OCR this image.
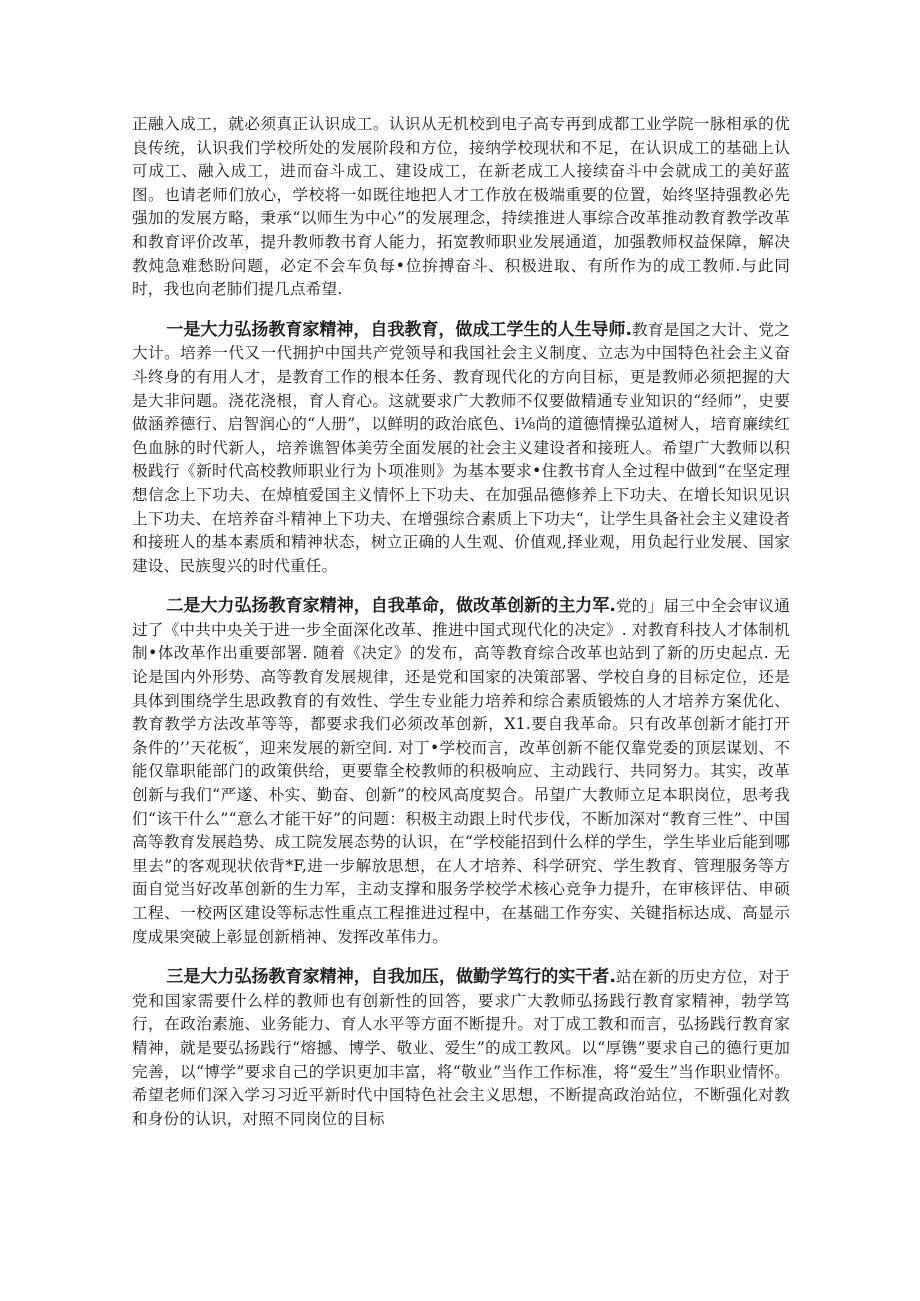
正融入成工，就必须真正认识成工。认识从无机校到电子高专再到成都工业学院一脉相承的优良传统，认识我们学校所处的发展阶段和方位，接纳学校现状和不足，在认识成工的基础上认可成工、融入成工，进而奋斗成工、建设成工，在新老成工人接续奋斗中会就成工的美好蓝图。也请老师们放心，学校将一如既往地把人才工作放在极端重要的位置，始终坚持强教必先强加的发展方略，秉承“以师生为中心”的发展理念，持续推进人事综合改革推动教育教学改革和教育评价改革，提升教师教书育人能力，拓宽教师职业发展通道，加强教师权益保障，解决教炖急难愁盼问题，必定不会车负每•位拚搏奋斗、积极进取、有所作为的成工教师.与此同时，我也向老肺们提几点希望.

一是大力弘扬教育家精神，自我教育，做成工学生的人生导师.教育是国之大计、党之大计。培养一代又一代拥护中国共产党领导和我国社会主义制度、立志为中国特色社会主义奋斗终身的有用人才，是教育工作的根本任务、教育现代化的方向目标，更是教师必须把握的大是大非问题。浇花浇根，育人育心。这就要求广大教师不仅要做精通专业知识的“经师”，史要做涵养德行、启智润心的“人册”，以鲜明的政治底色、i⅛尚的道德情操弘道树人，培育廉续红色血脉的时代新人，培养谯智体美劳全面发展的社会主义建设者和接班人。希望广大教师以积极践行《新时代高校教师职业行为卜项准则》为基本要求•住教书育人全过程中做到“在坚定理想信念上下功夫、在焯植爱国主义情怀上下功夫、在加强品德修养上下功夫、在增长知识见识上下功夫、在培养奋斗精神上下功夫、在增强综合素质上下功夫“，让学生具备社会主义建设者和接班人的基本素质和精神状态，树立正确的人生观、价值观,择业观，用负起行业发展、国家建设、民族叟兴的时代重任。

二是大力弘扬教育家精神，自我革命，做改革创新的主力军.党的」届三中全会审议通过了《中共中央关于进一步全面深化改革、推进中国式现代化的决定》. 对教育科技人才体制机制•体改革作出重要部署. 随着《决定》的发布，高等教育综合改革也站到了新的历史起点. 无论是国内外形势、高等教育发展规律，还是党和国家的决策部署、学校自身的目标定位，还是具体到围绕学生思政教育的有效性、学生专业能力培养和综合素质锻炼的人才培养方案优化、教育教学方法改革等等，都要求我们必须改革创新，X1.要自我革命。只有改革创新才能打开条件的’’天花板″，迎来发展的新空间. 对丁•学校而言，改革创新不能仅靠党委的顶层谋划、不能仅靠职能部门的政策供给，更要靠全校教师的积极响应、主动践行、共同努力。其实，改革创新与我们“严遂、朴实、勤奋、创新”的校风高度契合。吊望广大教师立足本职岗位，思考我们“该干什么”“意么才能干好”的问题：积极主动跟上时代步伐，不断加深对“教育三性”、中国高等教育发展趋势、成工院发展态势的认识，在“学校能招到什么样的学生，学生毕业后能到哪里去”的客观现状依背*F,进一步解放思想，在人才培养、科学研究、学生教育、管理服务等方面自觉当好改革创新的生力军，主动支撑和服务学校学术核心竞争力提升，在审核评估、申硕工程、一校两区建设等标志性重点工程推进过程中，在基础工作夯实、关键指标达成、高显示度成果突破上彰显创新梢神、发挥改革伟力。

三是大力弘扬教育家精神，自我加压，做勤学笃行的实干者.站在新的历史方位，对于党和国家需要什么样的教师也有创新性的回答，要求广大教师弘扬践行教育家精神，勃学笃行，在政治素施、业务能力、育人水平等方面不断提升。对丁成工教和而言，弘扬践行教育家精神，就是要弘扬践行“熔撼、博学、敬业、爱生”的成工教风。以“厚镌”要求自己的德行更加完善，以“博学”要求自己的学识更加丰富，将“敬业”当作工作标准，将“爱生”当作职业情怀。希望老师们深入学习习近平新时代中国特色社会主义思想，不断提高政治站位，不断强化对教和身份的认识，对照不同岗位的目标
